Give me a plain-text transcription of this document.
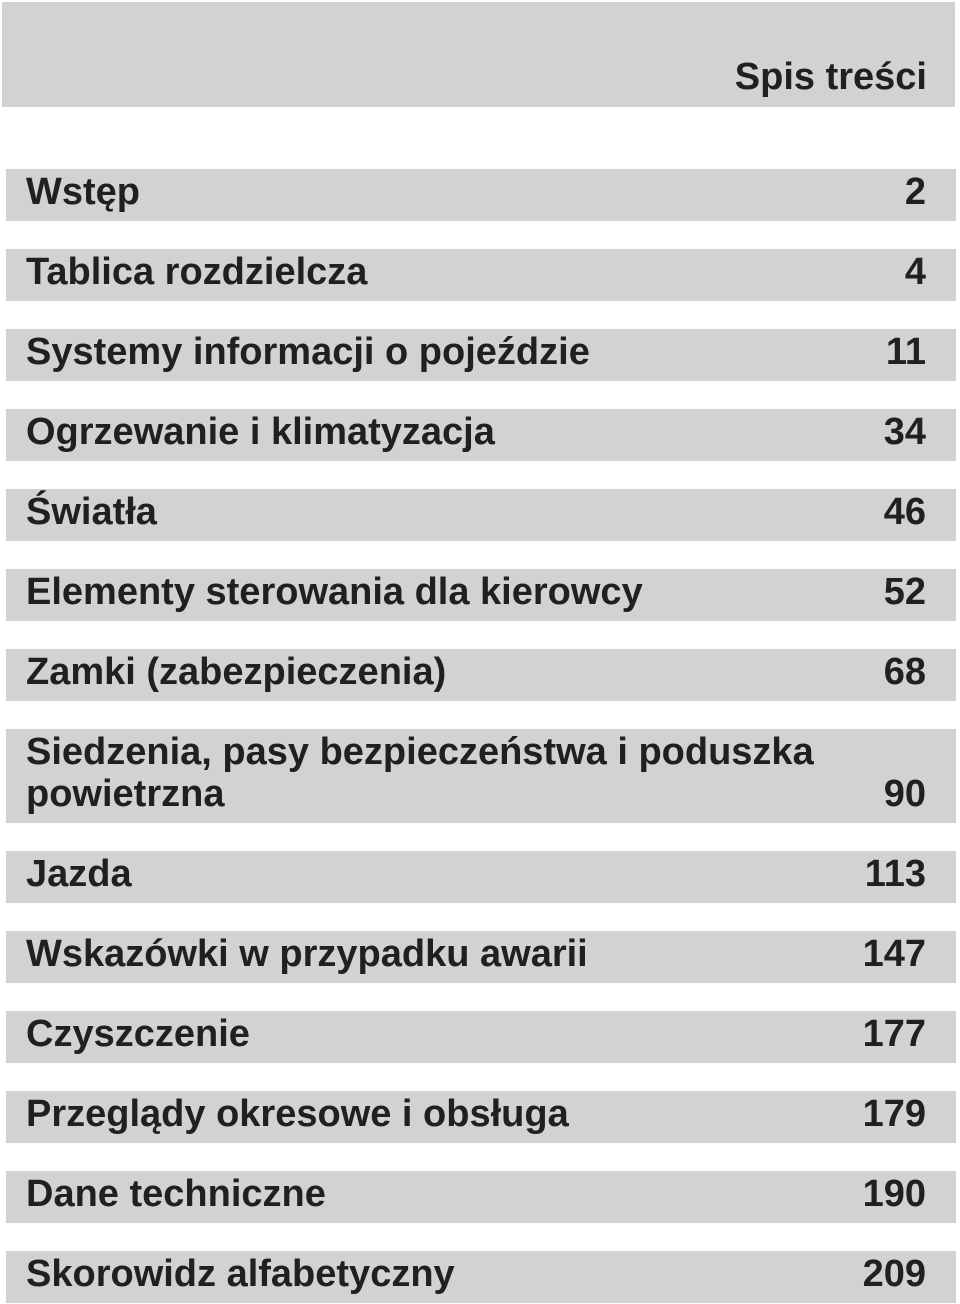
Spis treści
Wstęp	2
Tablica rozdzielcza	4
Systemy informacji o pojeździe	11
Ogrzewanie i klimatyzacja	34
Światła	46
Elementy sterowania dla kierowcy	52
Zamki (zabezpieczenia)	68
Siedzenia, pasy bezpieczeństwa i poduszka powietrzna	90
Jazda	113
Wskazówki w przypadku awarii	147
Czyszczenie	177
Przeglądy okresowe i obsługa	179
Dane techniczne	190
Skorowidz alfabetyczny	209
